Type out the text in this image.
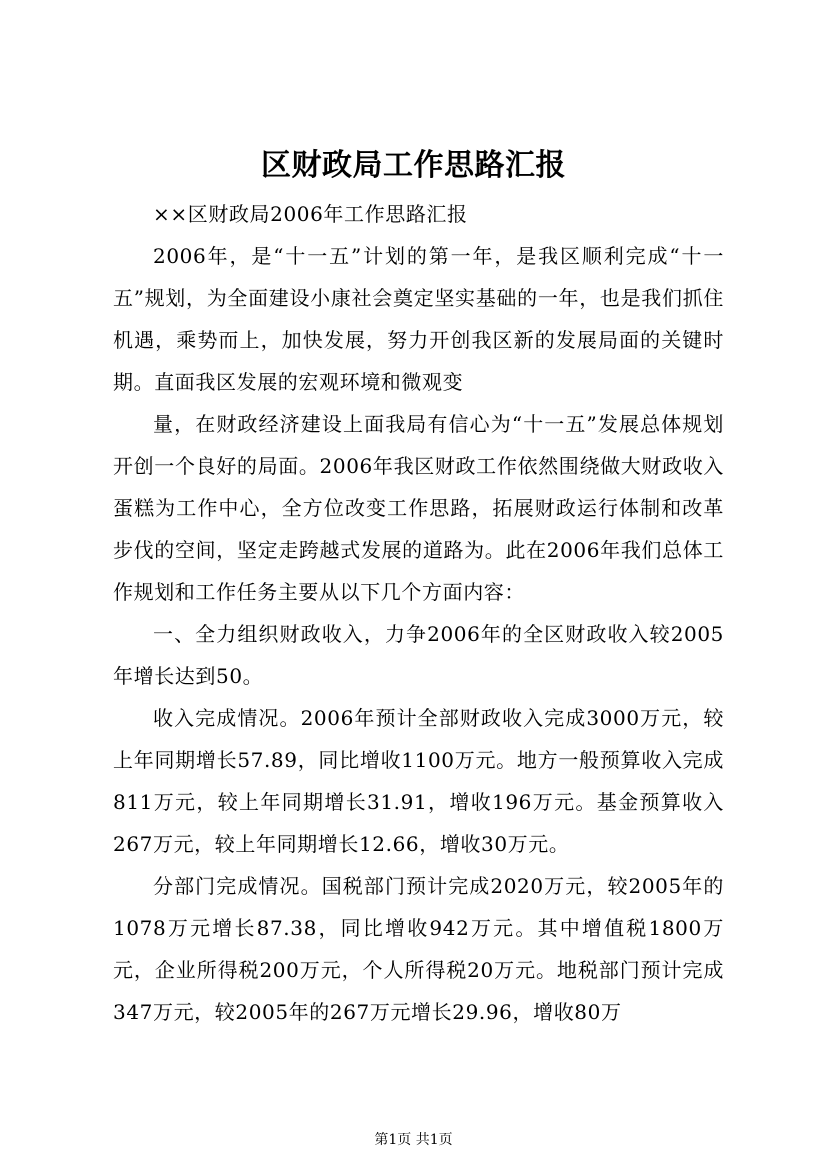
区财政局工作思路汇报

××区财政局2006年工作思路汇报

2006年，是“十一五”计划的第一年，是我区顺利完成“十一五”规划，为全面建设小康社会奠定坚实基础的一年，也是我们抓住机遇，乘势而上，加快发展，努力开创我区新的发展局面的关键时期。直面我区发展的宏观环境和微观变

量，在财政经济建设上面我局有信心为“十一五”发展总体规划开创一个良好的局面。2006年我区财政工作依然围绕做大财政收入蛋糕为工作中心，全方位改变工作思路，拓展财政运行体制和改革步伐的空间，坚定走跨越式发展的道路为。此在2006年我们总体工作规划和工作任务主要从以下几个方面内容：

一、全力组织财政收入，力争2006年的全区财政收入较2005年增长达到50。

收入完成情况。2006年预计全部财政收入完成3000万元，较上年同期增长57.89，同比增收1100万元。地方一般预算收入完成811万元，较上年同期增长31.91，增收196万元。基金预算收入267万元，较上年同期增长12.66，增收30万元。

分部门完成情况。国税部门预计完成2020万元，较2005年的1078万元增长87.38，同比增收942万元。其中增值税1800万元，企业所得税200万元，个人所得税20万元。地税部门预计完成347万元，较2005年的267万元增长29.96，增收80万

第1页 共1页
